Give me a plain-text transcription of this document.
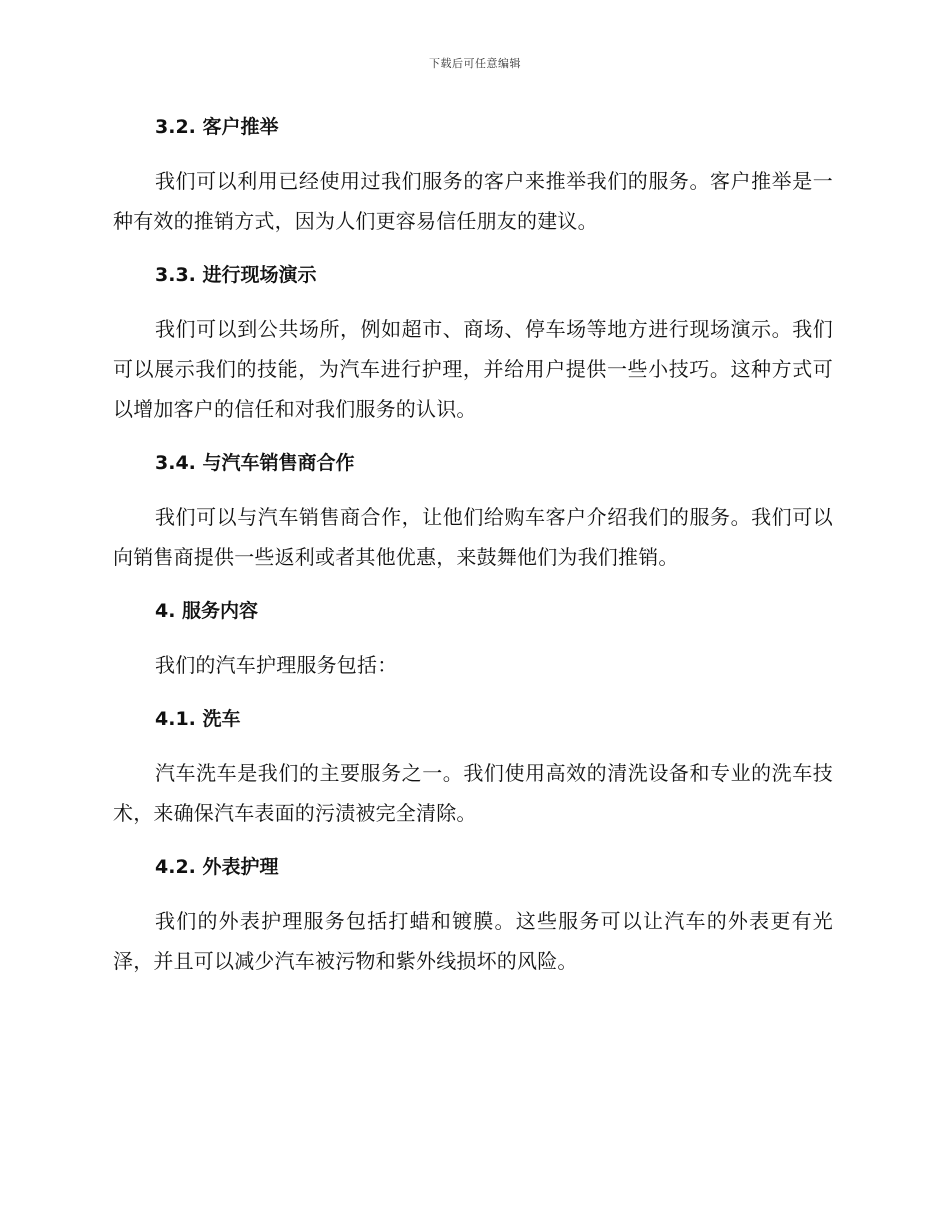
下载后可任意编辑
3.2. 客户推举

我们可以利用已经使用过我们服务的客户来推举我们的服务。客户推举是一种有效的推销方式，因为人们更容易信任朋友的建议。

3.3. 进行现场演示

我们可以到公共场所，例如超市、商场、停车场等地方进行现场演示。我们可以展示我们的技能，为汽车进行护理，并给用户提供一些小技巧。这种方式可以增加客户的信任和对我们服务的认识。

3.4. 与汽车销售商合作

我们可以与汽车销售商合作，让他们给购车客户介绍我们的服务。我们可以向销售商提供一些返利或者其他优惠，来鼓舞他们为我们推销。

4. 服务内容

我们的汽车护理服务包括：

4.1. 洗车

汽车洗车是我们的主要服务之一。我们使用高效的清洗设备和专业的洗车技术，来确保汽车表面的污渍被完全清除。

4.2. 外表护理

我们的外表护理服务包括打蜡和镀膜。这些服务可以让汽车的外表更有光泽，并且可以减少汽车被污物和紫外线损坏的风险。
